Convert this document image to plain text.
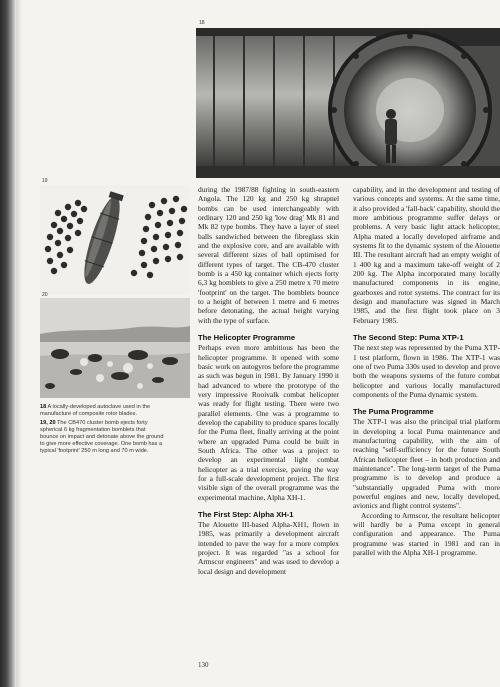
18
19
20

18 A locally-developed autoclave used in the manufacture of composite rotor blades.

19, 20 The CB470 cluster bomb ejects forty spherical 6 kg fragmentation bomblets that bounce on impact and detonate above the ground to give more effective coverage. One bomb has a typical 'footprint' 250 m long and 70 m wide.

during the 1987/88 fighting in south-eastern Angola. The 120 kg and 250 kg shrapnel bombs can be used interchangeably with ordinary 120 and 250 kg 'low drag' Mk 81 and Mk 82 type bombs. They have a layer of steel balls sandwiched between the fibreglass skin and the explosive core, and are available with several different sizes of ball optimised for different types of target. The CB-470 cluster bomb is a 450 kg container which ejects forty 6,3 kg bomblets to give a 250 metre x 70 metre 'footprint' on the target. The bomblets bounce to a height of between 1 metre and 6 metres before detonating, the actual height varying with the type of surface.

The Helicopter Programme

Perhaps even more ambitious has been the helicopter programme. It opened with some basic work on autogyros before the programme as such was begun in 1981. By January 1990 it had advanced to where the prototype of the very impressive Rooivalk combat helicopter was ready for flight testing. There were two parallel elements. One was a programme to develop the capability to produce spares locally for the Puma fleet, finally arriving at the point where an upgraded Puma could be built in South Africa. The other was a project to develop an experimental light combat helicopter as a trial exercise, paving the way for a full-scale development project. The first visible sign of the overall programme was the experimental machine, Alpha XH-1.

The First Step: Alpha XH-1

The Alouette III-based Alpha-XH1, flown in 1985, was primarily a development aircraft intended to pave the way for a more complex project. It was regarded "as a school for Armscor engineers" and was used to develop a local design and development

capability, and in the development and testing of various concepts and systems. At the same time, it also provided a 'fall-back' capability, should the more ambitious programme suffer delays or problems. A very basic light attack helicopter, Alpha mated a locally developed airframe and systems fit to the dynamic system of the Alouette III. The resultant aircraft had an empty weight of 1 400 kg and a maximum take-off weight of 2 200 kg. The Alpha incorporated many locally manufactured components in its engine, gearboxes and rotor systems. The contract for its design and manufacture was signed in March 1985, and the first flight took place on 3 February 1985.

The Second Step: Puma XTP-1

The next step was represented by the Puma XTP-1 test platform, flown in 1986. The XTP-1 was one of two Puma 330s used to develop and prove both the weapons systems of the future combat helicopter and various locally manufactured components of the Puma dynamic system.

The Puma Programme

The XTP-1 was also the principal trial platform in developing a local Puma maintenance and manufacturing capability, with the aim of reaching "self-sufficiency for the future South African helicopter fleet – in both production and maintenance". The long-term target of the Puma programme is to develop and produce a "substantially upgraded Puma with more powerful engines and new, locally developed, avionics and flight control systems".

According to Armscor, the resultant helicopter will hardly be a Puma except in general configuration and appearance. The Puma programme was started in 1981 and ran in parallel with the Alpha XH-1 programme.

130
